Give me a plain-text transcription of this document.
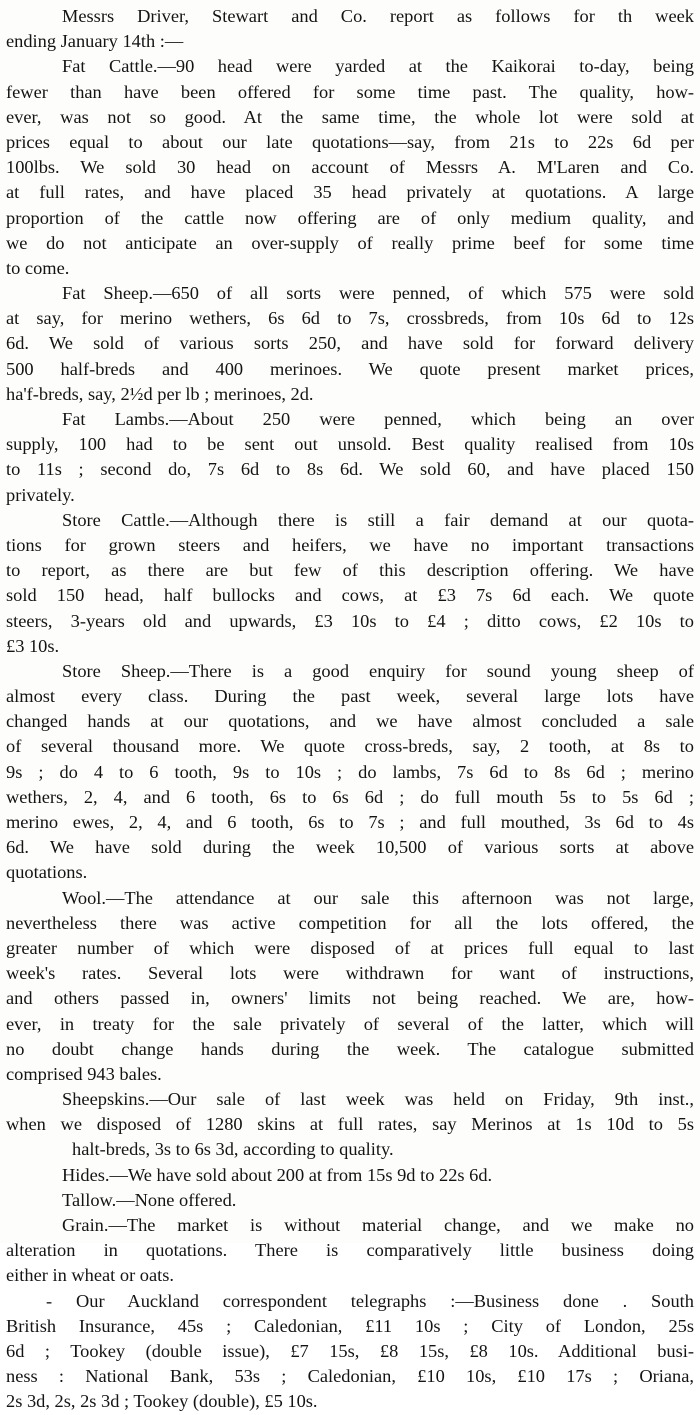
Messrs Driver, Stewart and Co. report as follows for th week
ending January 14th :—
Fat Cattle.—90 head were yarded at the Kaikorai to-day, being
fewer than have been offered for some time past. The quality, how-
ever, was not so good. At the same time, the whole lot were sold at
prices equal to about our late quotations—say, from 21s to 22s 6d per
100lbs. We sold 30 head on account of Messrs A. M'Laren and Co.
at full rates, and have placed 35 head privately at quotations. A large
proportion of the cattle now offering are of only medium quality, and
we do not anticipate an over-supply of really prime beef for some time
to come.
Fat Sheep.—650 of all sorts were penned, of which 575 were sold
at say, for merino wethers, 6s 6d to 7s, crossbreds, from 10s 6d to 12s
6d. We sold of various sorts 250, and have sold for forward delivery
500 half-breds and 400 merinoes. We quote present market prices,
ha'f-breds, say, 2½d per lb ; merinoes, 2d.
Fat Lambs.—About 250 were penned, which being an over
supply, 100 had to be sent out unsold. Best quality realised from 10s
to 11s ; second do, 7s 6d to 8s 6d. We sold 60, and have placed 150
privately.
Store Cattle.—Although there is still a fair demand at our quota-
tions for grown steers and heifers, we have no important transactions
to report, as there are but few of this description offering. We have
sold 150 head, half bullocks and cows, at £3 7s 6d each. We quote
steers, 3-years old and upwards, £3 10s to £4 ; ditto cows, £2 10s to
£3 10s.
Store Sheep.—There is a good enquiry for sound young sheep of
almost every class. During the past week, several large lots have
changed hands at our quotations, and we have almost concluded a sale
of several thousand more. We quote cross-breds, say, 2 tooth, at 8s to
9s ; do 4 to 6 tooth, 9s to 10s ; do lambs, 7s 6d to 8s 6d ; merino
wethers, 2, 4, and 6 tooth, 6s to 6s 6d ; do full mouth 5s to 5s 6d ;
merino ewes, 2, 4, and 6 tooth, 6s to 7s ; and full mouthed, 3s 6d to 4s
6d. We have sold during the week 10,500 of various sorts at above
quotations.
Wool.—The attendance at our sale this afternoon was not large,
nevertheless there was active competition for all the lots offered, the
greater number of which were disposed of at prices full equal to last
week's rates. Several lots were withdrawn for want of instructions,
and others passed in, owners' limits not being reached. We are, how-
ever, in treaty for the sale privately of several of the latter, which will
no doubt change hands during the week. The catalogue submitted
comprised 943 bales.
Sheepskins.—Our sale of last week was held on Friday, 9th inst.,
when we disposed of 1280 skins at full rates, say Merinos at 1s 10d to 5s
halt-breds, 3s to 6s 3d, according to quality.
Hides.—We have sold about 200 at from 15s 9d to 22s 6d.
Tallow.—None offered.
Grain.—The market is without material change, and we make no
alteration in quotations. There is comparatively little business doing
either in wheat or oats.
- Our Auckland correspondent telegraphs :—Business done . South
British Insurance, 45s ; Caledonian, £11 10s ; City of London, 25s
6d ; Tookey (double issue), £7 15s, £8 15s, £8 10s. Additional busi-
ness : National Bank, 53s ; Caledonian, £10 10s, £10 17s ; Oriana,
2s 3d, 2s, 2s 3d ; Tookey (double), £5 10s.
